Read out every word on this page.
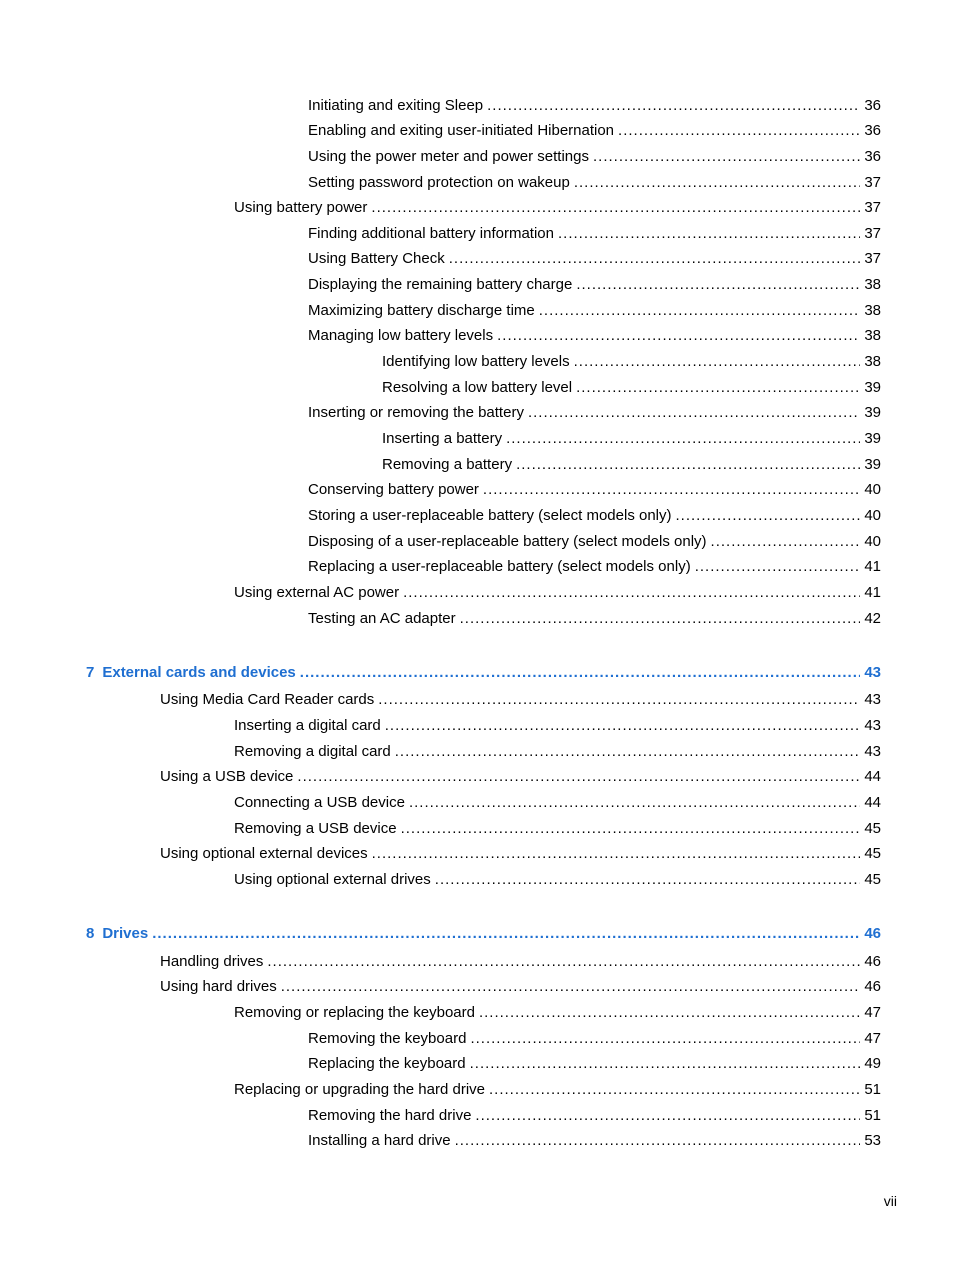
Initiating and exiting Sleep .....	36
Enabling and exiting user-initiated Hibernation .....	36
Using the power meter and power settings .....	36
Setting password protection on wakeup .....	37
Using battery power .....	37
Finding additional battery information .....	37
Using Battery Check .....	37
Displaying the remaining battery charge .....	38
Maximizing battery discharge time .....	38
Managing low battery levels .....	38
Identifying low battery levels .....	38
Resolving a low battery level .....	39
Inserting or removing the battery .....	39
Inserting a battery .....	39
Removing a battery .....	39
Conserving battery power .....	40
Storing a user-replaceable battery (select models only) .....	40
Disposing of a user-replaceable battery (select models only) .....	40
Replacing a user-replaceable battery (select models only) .....	41
Using external AC power .....	41
Testing an AC adapter .....	42
7 External cards and devices .....	43
Using Media Card Reader cards .....	43
Inserting a digital card .....	43
Removing a digital card .....	43
Using a USB device .....	44
Connecting a USB device .....	44
Removing a USB device .....	45
Using optional external devices .....	45
Using optional external drives .....	45
8 Drives .....	46
Handling drives .....	46
Using hard drives .....	46
Removing or replacing the keyboard .....	47
Removing the keyboard .....	47
Replacing the keyboard .....	49
Replacing or upgrading the hard drive .....	51
Removing the hard drive .....	51
Installing a hard drive .....	53
vii
